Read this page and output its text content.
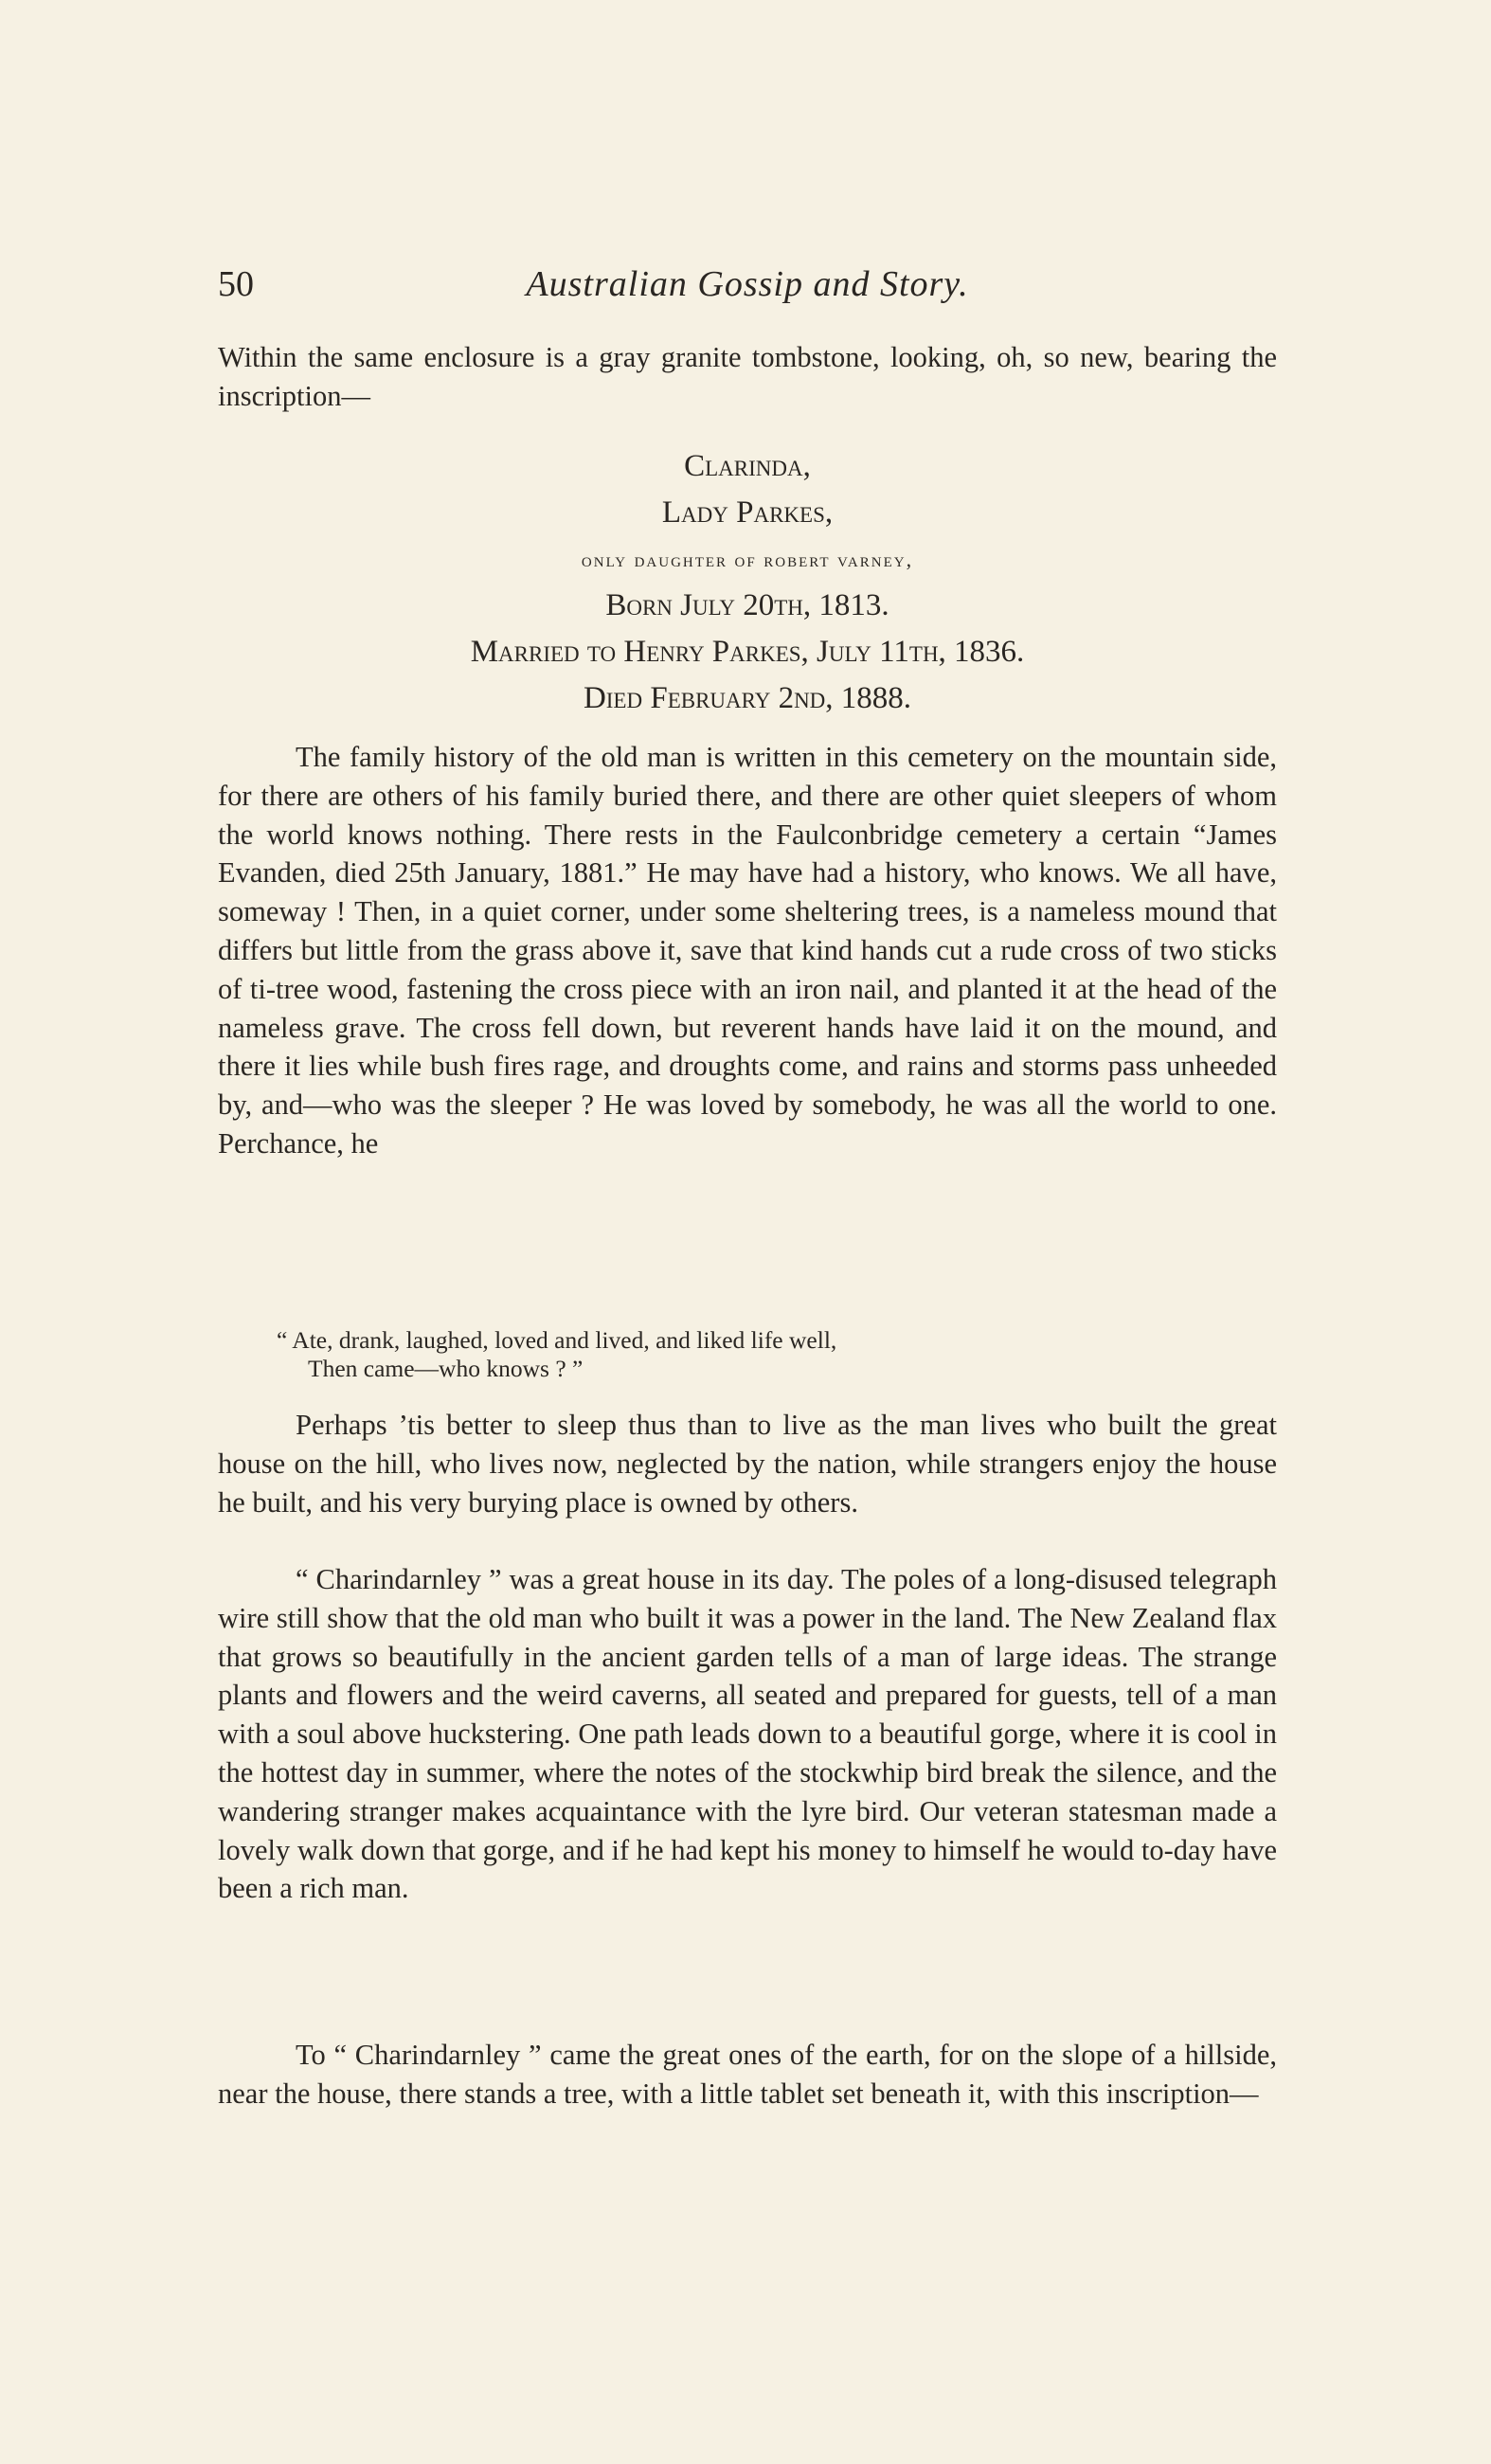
50	Australian Gossip and Story.

Within the same enclosure is a gray granite tombstone, looking, oh, so new, bearing the inscription—

Clarinda,
Lady Parkes,
only daughter of robert varney,
Born July 20th, 1813.
Married to Henry Parkes, July 11th, 1836.
Died February 2nd, 1888.

The family history of the old man is written in this cemetery on the mountain side, for there are others of his family buried there, and there are other quiet sleepers of whom the world knows nothing. There rests in the Faulconbridge cemetery a certain “James Evanden, died 25th January, 1881.” He may have had a history, who knows. We all have, someway ! Then, in a quiet corner, under some sheltering trees, is a nameless mound that differs but little from the grass above it, save that kind hands cut a rude cross of two sticks of ti-tree wood, fastening the cross piece with an iron nail, and planted it at the head of the nameless grave. The cross fell down, but reverent hands have laid it on the mound, and there it lies while bush fires rage, and droughts come, and rains and storms pass unheeded by, and—who was the sleeper ? He was loved by somebody, he was all the world to one. Perchance, he

“ Ate, drank, laughed, loved and lived, and liked life well,
Then came—who knows ? ”

Perhaps ’tis better to sleep thus than to live as the man lives who built the great house on the hill, who lives now, neglected by the nation, while strangers enjoy the house he built, and his very burying place is owned by others.

“ Charindarnley ” was a great house in its day. The poles of a long-disused telegraph wire still show that the old man who built it was a power in the land. The New Zealand flax that grows so beautifully in the ancient garden tells of a man of large ideas. The strange plants and flowers and the weird caverns, all seated and prepared for guests, tell of a man with a soul above huckstering. One path leads down to a beautiful gorge, where it is cool in the hottest day in summer, where the notes of the stockwhip bird break the silence, and the wandering stranger makes acquaintance with the lyre bird. Our veteran statesman made a lovely walk down that gorge, and if he had kept his money to himself he would to-day have been a rich man.

To “ Charindarnley ” came the great ones of the earth, for on the slope of a hillside, near the house, there stands a tree, with a little tablet set beneath it, with this inscription—
